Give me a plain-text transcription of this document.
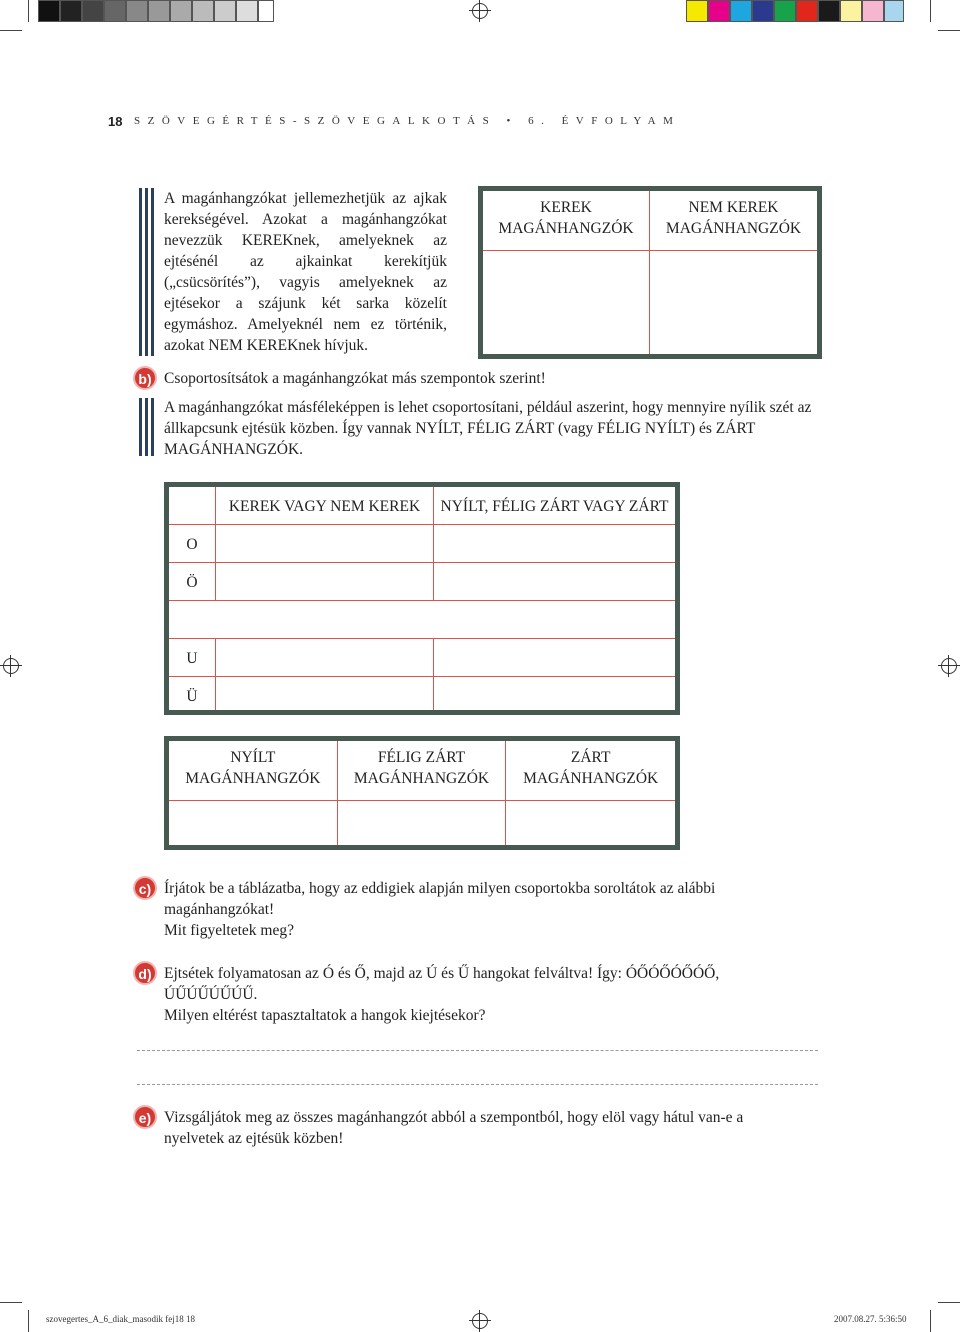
18 SZÖVEGÉRTÉS-SZÖVEGALKOTÁS • 6. ÉVFOLYAM
A magánhangzókat jellemezhetjük az ajkak kerekségével. Azokat a magánhangzókat nevezzük KEREKnek, amelyeknek az ejtésénél az ajkainkat kerekítjük („csücsörítés”), vagyis amelyeknek az ejtésekor a szájunk két sarka közelít egymáshoz. Amelyeknél nem ez történik, azokat NEM KEREKnek hívjuk.
KEREK MAGÁNHANGZÓK
NEM KEREK MAGÁNHANGZÓK
b) Csoportosítsátok a magánhangzókat más szempontok szerint!
A magánhangzókat másféleképpen is lehet csoportosítani, például aszerint, hogy mennyire nyílik szét az állkapcsunk ejtésük közben. Így vannak NYÍLT, FÉLIG ZÁRT (vagy FÉLIG NYÍLT) és ZÁRT MAGÁNHANGZÓK.
KEREK VAGY NEM KEREK	NYÍLT, FÉLIG ZÁRT VAGY ZÁRT
O
Ö
U
Ü
NYÍLT MAGÁNHANGZÓK
FÉLIG ZÁRT MAGÁNHANGZÓK
ZÁRT MAGÁNHANGZÓK
c) Írjátok be a táblázatba, hogy az eddigiek alapján milyen csoportokba soroltátok az alábbi
magánhangzókat!
Mit figyeltetek meg?
d) Ejtsétek folyamatosan az Ó és Ő, majd az Ú és Ű hangokat felváltva! Így: ÓŐÓŐÓŐÓŐ,
ÚŰÚŰÚŰÚŰ.
Milyen eltérést tapasztaltatok a hangok kiejtésekor?
e) Vizsgáljátok meg az összes magánhangzót abból a szempontból, hogy elöl vagy hátul van-e a
nyelvetek az ejtésük közben!
szovegertes_A_6_diak_masodik fej18 18	2007.08.27. 5:36:50
